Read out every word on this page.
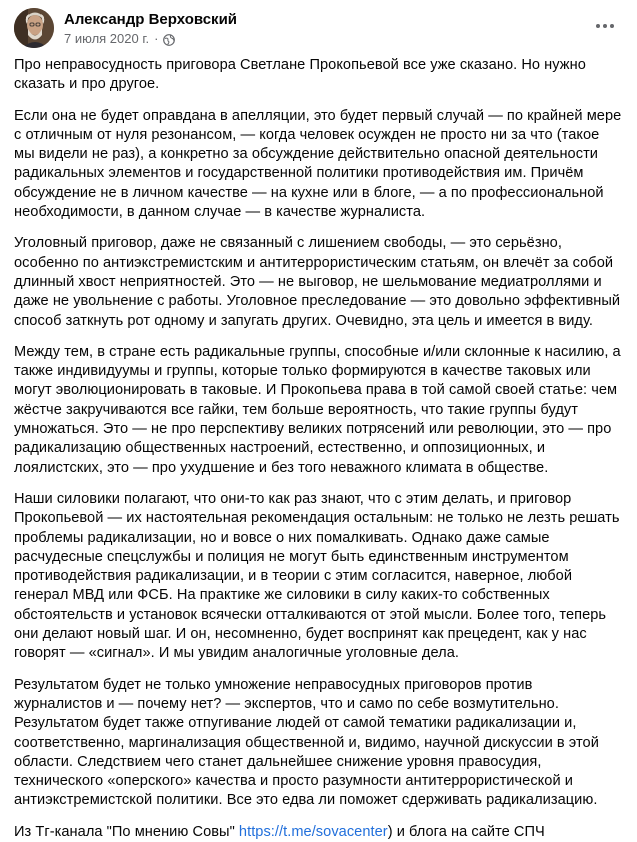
Александр Верховский
7 июля 2020 г. ·

Про неправосудность приговора Светлане Прокопьевой все уже сказано. Но нужно сказать и про другое.

Если она не будет оправдана в апелляции, это будет первый случай — по крайней мере с отличным от нуля резонансом, — когда человек осужден не просто ни за что (такое мы видели не раз), а конкретно за обсуждение действительно опасной деятельности радикальных элементов и государственной политики противодействия им. Причём обсуждение не в личном качестве — на кухне или в блоге, — а по профессиональной необходимости, в данном случае — в качестве журналиста.

Уголовный приговор, даже не связанный с лишением свободы, — это серьёзно, особенно по антиэкстремистским и антитеррористическим статьям, он влечёт за собой длинный хвост неприятностей. Это — не выговор, не шельмование медиатроллями и даже не увольнение с работы. Уголовное преследование — это довольно эффективный способ заткнуть рот одному и запугать других. Очевидно, эта цель и имеется в виду.

Между тем, в стране есть радикальные группы, способные и/или склонные к насилию, а также индивидуумы и группы, которые только формируются в качестве таковых или могут эволюционировать в таковые. И Прокопьева права в той самой своей статье: чем жёстче закручиваются все гайки, тем больше вероятность, что такие группы будут умножаться. Это — не про перспективу великих потрясений или революции, это — про радикализацию общественных настроений, естественно, и оппозиционных, и лоялистских, это — про ухудшение и без того неважного климата в обществе.

Наши силовики полагают, что они-то как раз знают, что с этим делать, и приговор Прокопьевой — их настоятельная рекомендация остальным: не только не лезть решать проблемы радикализации, но и вовсе о них помалкивать. Однако даже самые расчудесные спецслужбы и полиция не могут быть единственным инструментом противодействия радикализации, и в теории с этим согласится, наверное, любой генерал МВД или ФСБ. На практике же силовики в силу каких-то собственных обстоятельств и установок всячески отталкиваются от этой мысли. Более того, теперь они делают новый шаг. И он, несомненно, будет воспринят как прецедент, как у нас говорят — «сигнал». И мы увидим аналогичные уголовные дела.

Результатом будет не только умножение неправосудных приговоров против журналистов и — почему нет? — экспертов, что и само по себе возмутительно. Результатом будет также отпугивание людей от самой тематики радикализации и, соответственно, маргинализация общественной и, видимо, научной дискуссии в этой области. Следствием чего станет дальнейшее снижение уровня правосудия, технического «оперского» качества и просто разумности антитеррористической и антиэкстремистской политики. Все это едва ли поможет сдерживать радикализацию.

Из Тг-канала "По мнению Совы" https://t.me/sovacenter) и блога на сайте СПЧ
